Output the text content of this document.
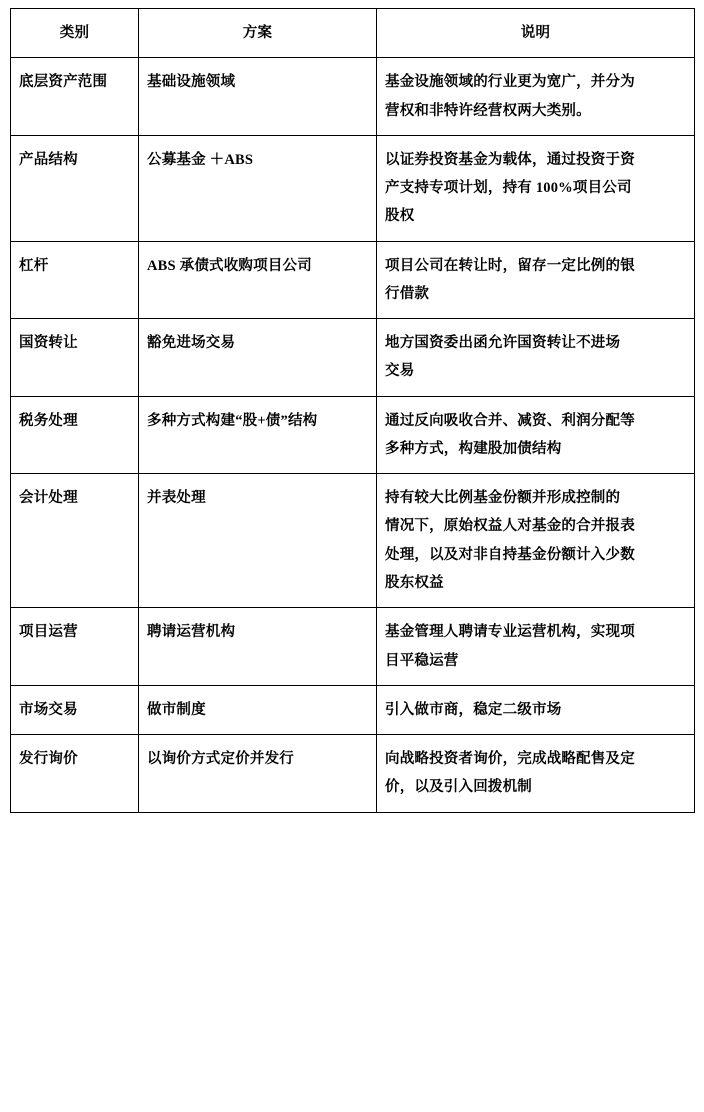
类别	方案	说明
底层资产范围	基础设施领域	基金设施领域的行业更为宽广，并分为
营权和非特许经营权两大类别。

产品结构	公募基金 ＋ABS	以证券投资基金为载体，通过投资于资
产支持专项计划，持有 100%项目公司
股权

杠杆	ABS 承债式收购项目公司	项目公司在转让时，留存一定比例的银
行借款

国资转让	豁免进场交易	地方国资委出函允许国资转让不进场
交易

税务处理	多种方式构建“股+债”结构	通过反向吸收合并、减资、利润分配等
多种方式，构建股加债结构

会计处理	并表处理	持有较大比例基金份额并形成控制的
情况下，原始权益人对基金的合并报表
处理，以及对非自持基金份额计入少数
股东权益

项目运营	聘请运营机构	基金管理人聘请专业运营机构，实现项
目平稳运营

市场交易	做市制度	引入做市商，稳定二级市场

发行询价	以询价方式定价并发行	向战略投资者询价，完成战略配售及定
价，以及引入回拨机制
